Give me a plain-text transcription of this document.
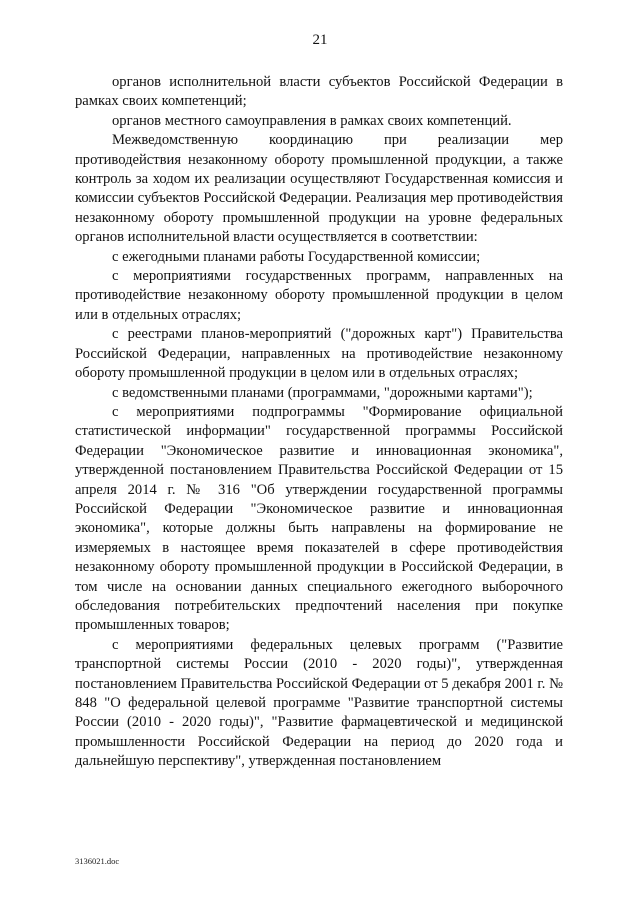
21

органов исполнительной власти субъектов Российской Федерации в рамках своих компетенций;

органов местного самоуправления в рамках своих компетенций.

Межведомственную координацию при реализации мер противодействия незаконному обороту промышленной продукции, а также контроль за ходом их реализации осуществляют Государственная комиссия и комиссии субъектов Российской Федерации. Реализация мер противодействия незаконному обороту промышленной продукции на уровне федеральных органов исполнительной власти осуществляется в соответствии:

с ежегодными планами работы Государственной комиссии;

с мероприятиями государственных программ, направленных на противодействие незаконному обороту промышленной продукции в целом или в отдельных отраслях;

с реестрами планов-мероприятий ("дорожных карт") Правительства Российской Федерации, направленных на противодействие незаконному обороту промышленной продукции в целом или в отдельных отраслях;

с ведомственными планами (программами, "дорожными картами");

с мероприятиями подпрограммы "Формирование официальной статистической информации" государственной программы Российской Федерации "Экономическое развитие и инновационная экономика", утвержденной постановлением Правительства Российской Федерации от 15 апреля 2014 г. № 316 "Об утверждении государственной программы Российской Федерации "Экономическое развитие и инновационная экономика", которые должны быть направлены на формирование не измеряемых в настоящее время показателей в сфере противодействия незаконному обороту промышленной продукции в Российской Федерации, в том числе на основании данных специального ежегодного выборочного обследования потребительских предпочтений населения при покупке промышленных товаров;

с мероприятиями федеральных целевых программ ("Развитие транспортной системы России (2010 - 2020 годы)", утвержденная постановлением Правительства Российской Федерации от 5 декабря 2001 г. № 848 "О федеральной целевой программе "Развитие транспортной системы России (2010 - 2020 годы)", "Развитие фармацевтической и медицинской промышленности Российской Федерации на период до 2020 года и дальнейшую перспективу", утвержденная постановлением

3136021.doc
